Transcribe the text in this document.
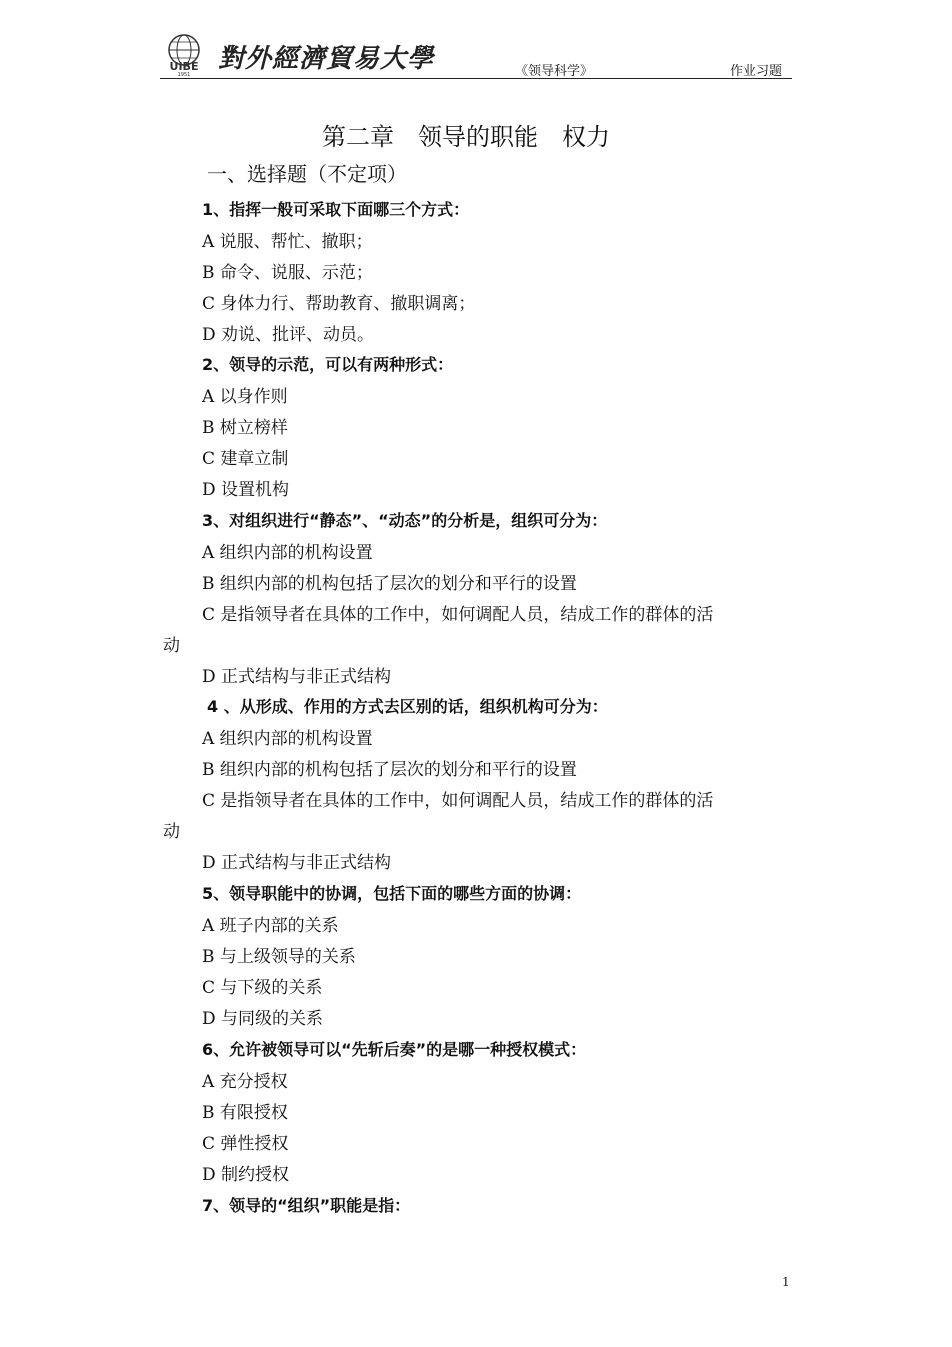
UIBE
1951
對外經濟貿易大學	《领导科学》	作业习题
第二章　领导的职能　权力
一、选择题（不定项）
1、指挥一般可采取下面哪三个方式：
A 说服、帮忙、撤职；
B 命令、说服、示范；
C 身体力行、帮助教育、撤职调离；
D 劝说、批评、动员。
2、领导的示范，可以有两种形式：
A 以身作则
B 树立榜样
C 建章立制
D 设置机构
3、对组织进行“静态”、“动态”的分析是，组织可分为：
A 组织内部的机构设置
B 组织内部的机构包括了层次的划分和平行的设置
C 是指领导者在具体的工作中，如何调配人员，结成工作的群体的活
动
D 正式结构与非正式结构
4 、从形成、作用的方式去区别的话，组织机构可分为：
A 组织内部的机构设置
B 组织内部的机构包括了层次的划分和平行的设置
C 是指领导者在具体的工作中，如何调配人员，结成工作的群体的活
动
D 正式结构与非正式结构
5、领导职能中的协调，包括下面的哪些方面的协调：
A 班子内部的关系
B 与上级领导的关系
C 与下级的关系
D 与同级的关系
6、允许被领导可以“先斩后奏”的是哪一种授权模式：
A 充分授权
B 有限授权
C 弹性授权
D 制约授权
7、领导的“组织”职能是指：
1
